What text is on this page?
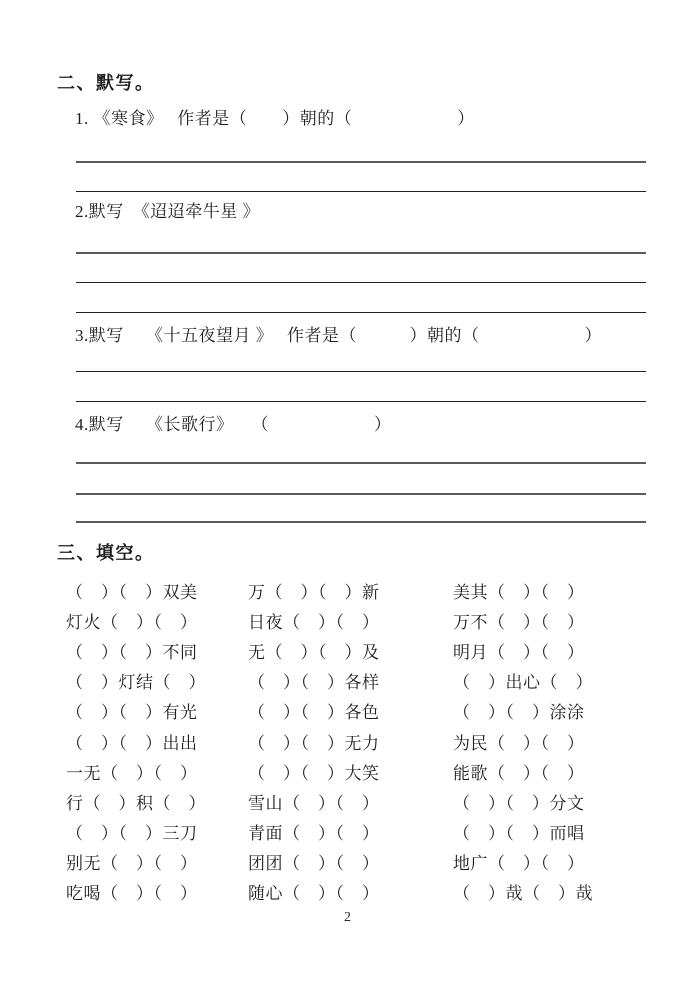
二、默写。
1. 《寒食》　 作者是（　　）朝的（　　　　　　）
2.默写　《迢迢牵牛星 》
3.默写　 《十五夜望月 》　 作者是（　　　）朝的（　　　　　　）
4.默写　 《长歌行》　　（　　　　　　）
三、填空。
（　）（　）双美	万（　）（　）新	美其（　）（　）
灯火（　）（　）	日夜（　）（　）	万不（　）（　）
（　）（　）不同	无（　）（　）及	明月（　）（　）
（　）灯结（　）	（　）（　）各样	（　）出心（　）
（　）（　）有光	（　）（　）各色	（　）（　）涂涂
（　）（　）出出	（　）（　）无力	为民（　）（　）
一无（　）（　）	（　）（　）大笑	能歌（　）（　）
行（　）积（　）	雪山（　）（　）	（　）（　）分文
（　）（　）三刀	青面（　）（　）	（　）（　）而唱
别无（　）（　）	团团（　）（　）	地广（　）（　）
吃喝（　）（　）	随心（　）（　）	（　）哉（　）哉
2
